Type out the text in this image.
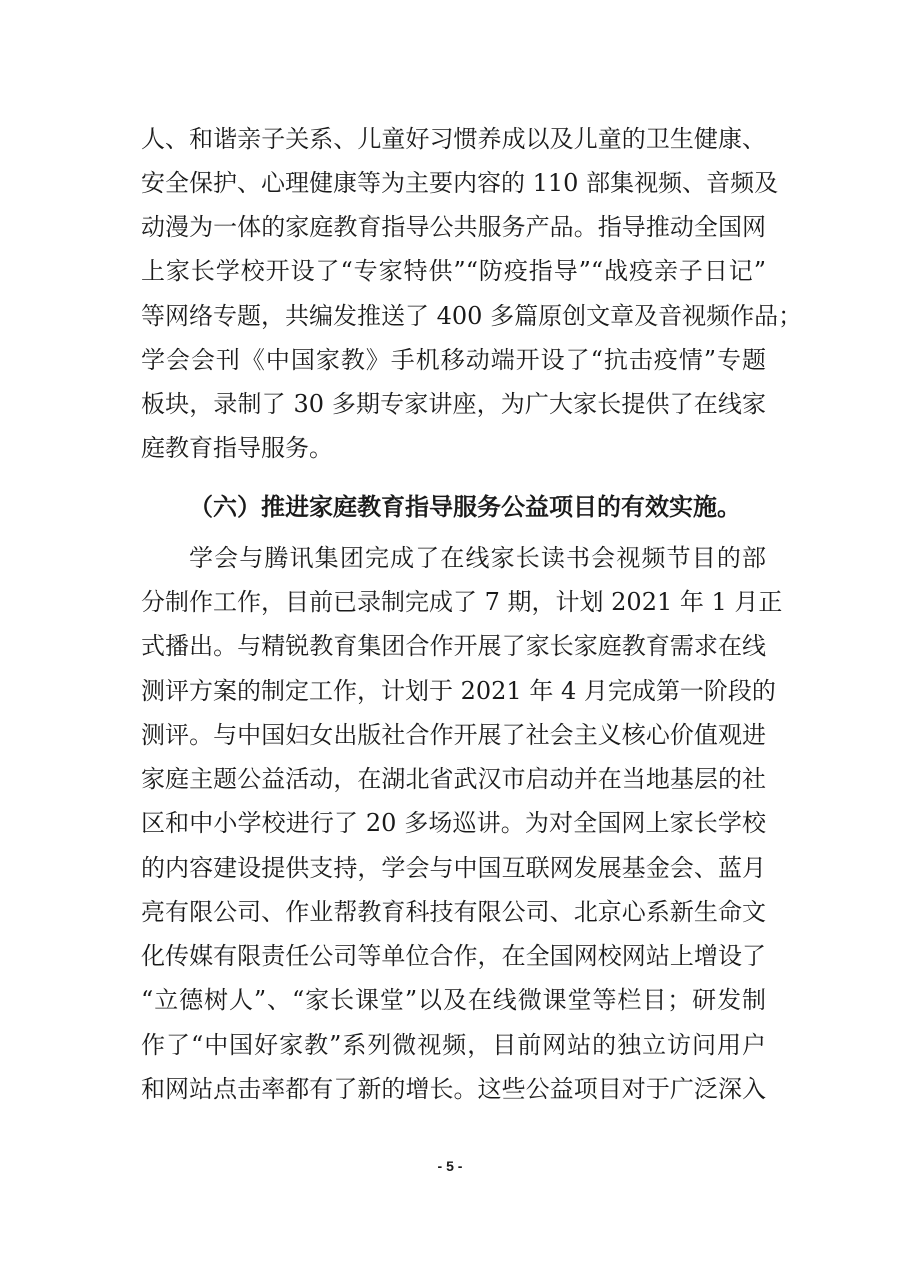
人、和谐亲子关系、儿童好习惯养成以及儿童的卫生健康、
安全保护、心理健康等为主要内容的 110 部集视频、音频及
动漫为一体的家庭教育指导公共服务产品。指导推动全国网
上家长学校开设了“专家特供”“防疫指导”“战疫亲子日记”
等网络专题，共编发推送了 400 多篇原创文章及音视频作品；
学会会刊《中国家教》手机移动端开设了“抗击疫情”专题
板块，录制了 30 多期专家讲座，为广大家长提供了在线家
庭教育指导服务。
（六）推进家庭教育指导服务公益项目的有效实施。
学会与腾讯集团完成了在线家长读书会视频节目的部
分制作工作，目前已录制完成了 7 期，计划 2021 年 1 月正
式播出。与精锐教育集团合作开展了家长家庭教育需求在线
测评方案的制定工作，计划于 2021 年 4 月完成第一阶段的
测评。与中国妇女出版社合作开展了社会主义核心价值观进
家庭主题公益活动，在湖北省武汉市启动并在当地基层的社
区和中小学校进行了 20 多场巡讲。为对全国网上家长学校
的内容建设提供支持，学会与中国互联网发展基金会、蓝月
亮有限公司、作业帮教育科技有限公司、北京心系新生命文
化传媒有限责任公司等单位合作，在全国网校网站上增设了
“立德树人”、“家长课堂”以及在线微课堂等栏目；研发制
作了“中国好家教”系列微视频，目前网站的独立访问用户
和网站点击率都有了新的增长。这些公益项目对于广泛深入
- 5 -
